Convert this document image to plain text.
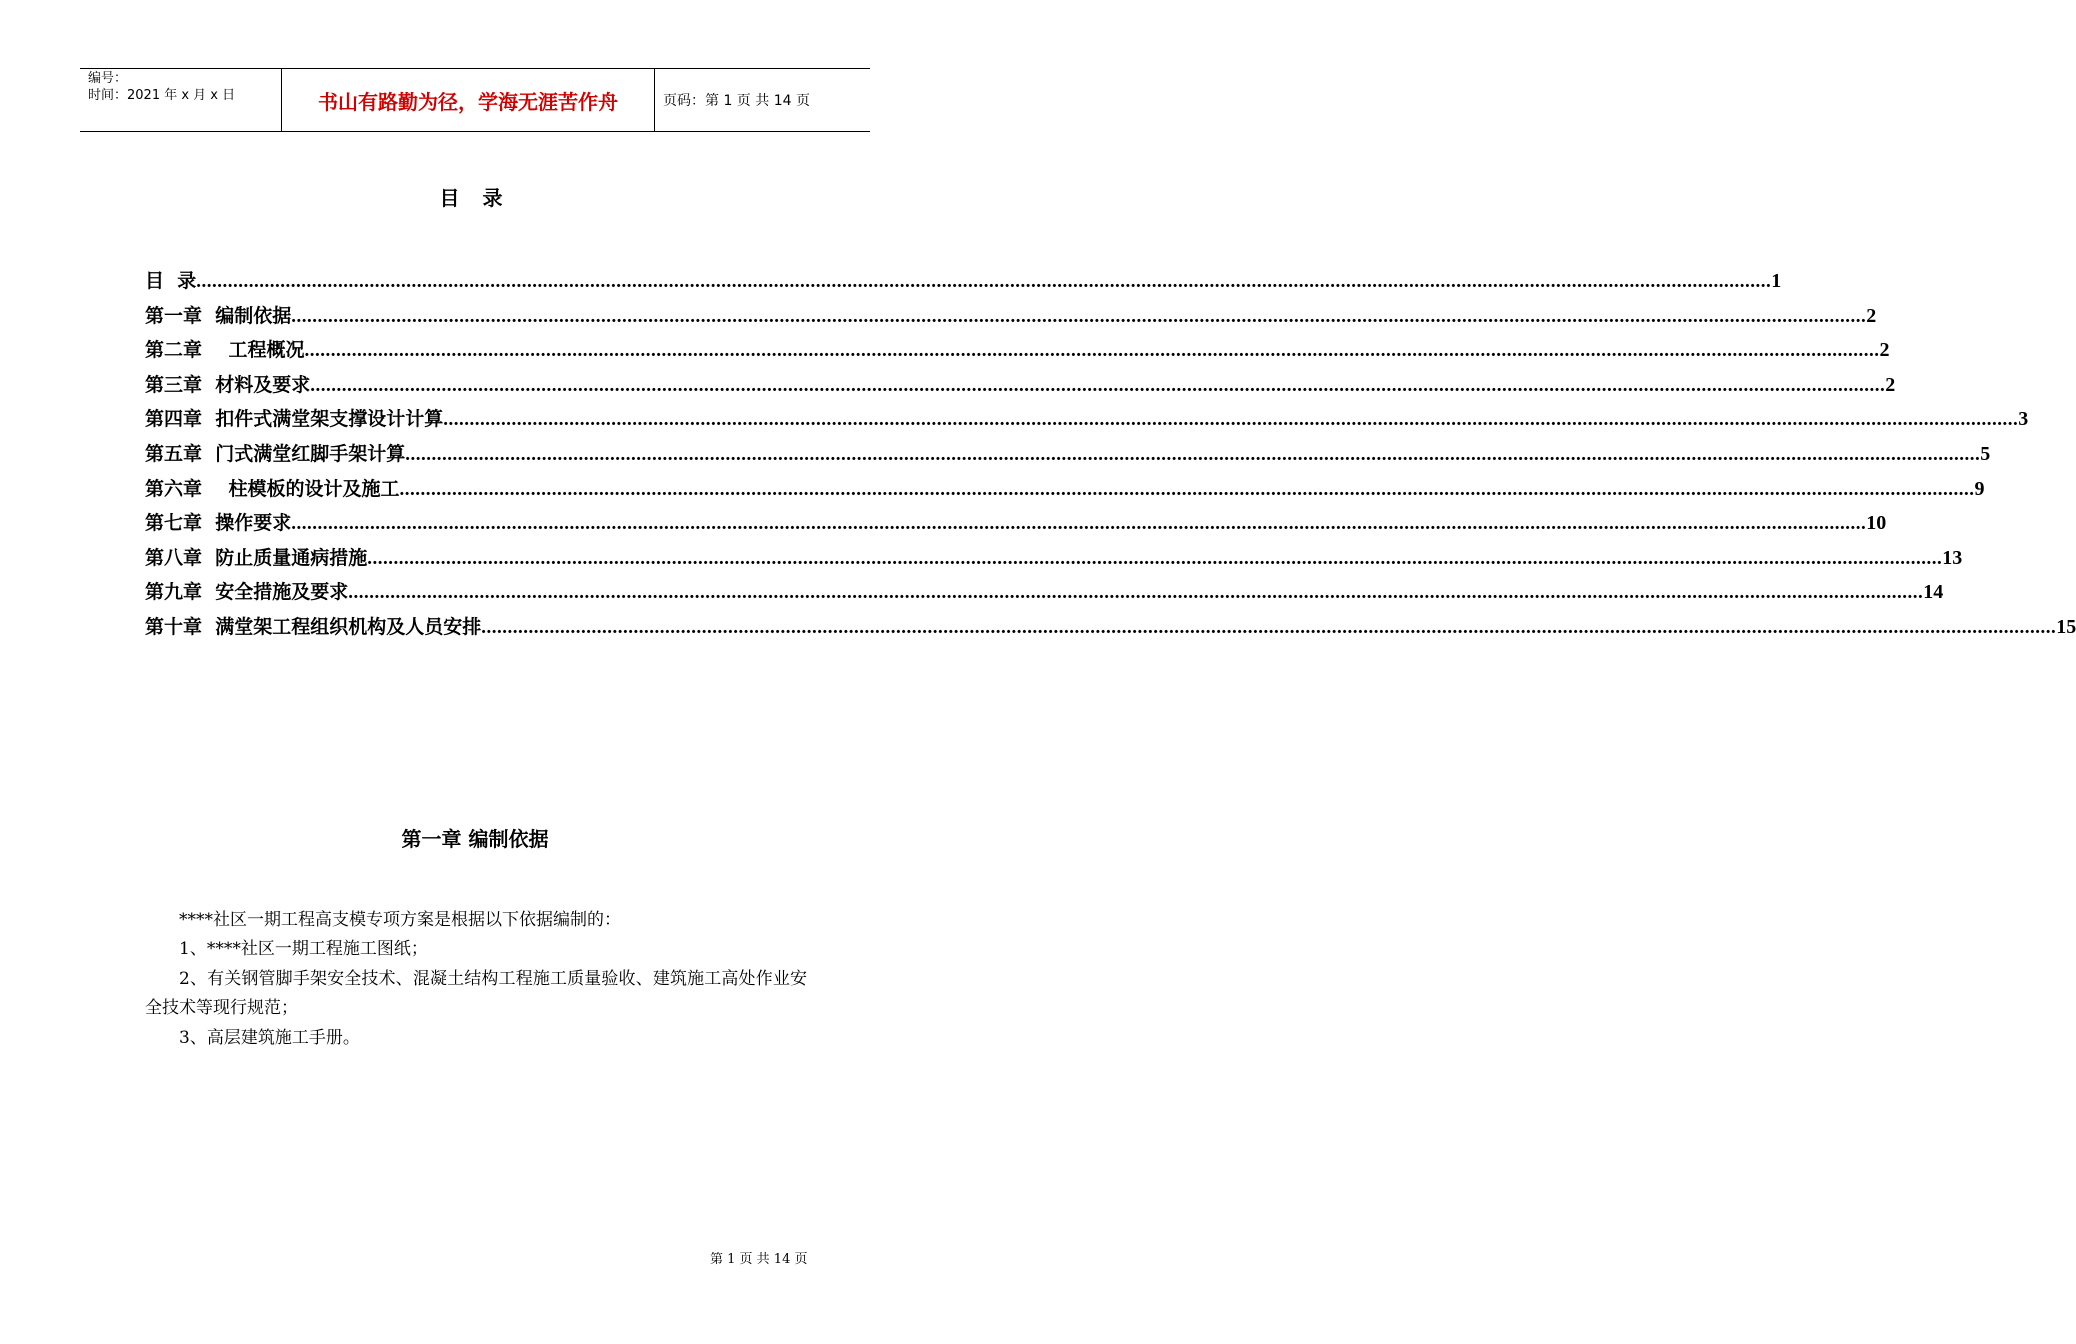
编号：
时间：2021 年 x 月 x 日	书山有路勤为径，学海无涯苦作舟	页码：第 1 页 共 14 页
目 录
目  录 ............................................................................................................................................................................................................................................................................................................ 1
第一章  编制依据 ............................................................................................................................................................................................................................................................................................................ 2
第二章    工程概况 ............................................................................................................................................................................................................................................................................................................ 2
第三章  材料及要求 ............................................................................................................................................................................................................................................................................................................ 2
第四章  扣件式满堂架支撑设计计算 ............................................................................................................................................................................................................................................................................................................ 3
第五章  门式满堂红脚手架计算 ............................................................................................................................................................................................................................................................................................................ 5
第六章    柱模板的设计及施工 ............................................................................................................................................................................................................................................................................................................ 9
第七章  操作要求 ............................................................................................................................................................................................................................................................................................................ 10
第八章  防止质量通病措施 ............................................................................................................................................................................................................................................................................................................ 13
第九章  安全措施及要求 ............................................................................................................................................................................................................................................................................................................ 14
第十章  满堂架工程组织机构及人员安排 ............................................................................................................................................................................................................................................................................................................ 15
第一章 编制依据

****社区一期工程高支模专项方案是根据以下依据编制的：

1、****社区一期工程施工图纸；

2、有关钢管脚手架安全技术、混凝土结构工程施工质量验收、建筑施工高处作业安全技术等现行规范；

3、高层建筑施工手册。

第 1 页 共 14 页
